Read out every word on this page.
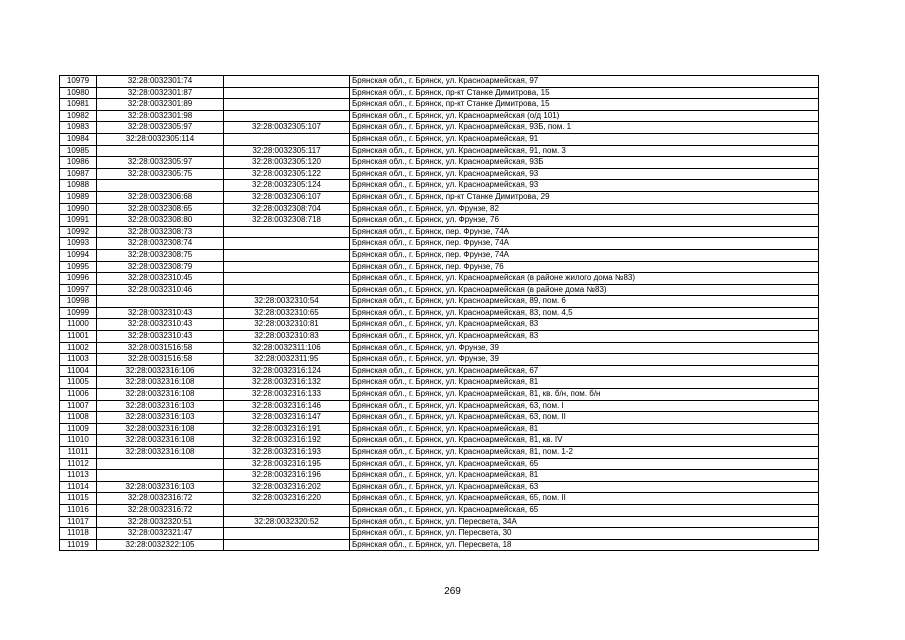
10979	32:28:0032301:74		Брянская обл., г. Брянск, ул. Красноармейская, 97
10980	32:28:0032301:87		Брянская обл., г. Брянск, пр-кт Станке Димитрова, 15
10981	32:28:0032301:89		Брянская обл., г. Брянск, пр-кт Станке Димитрова, 15
10982	32:28:0032301:98		Брянская обл., г. Брянск, ул. Красноармейская (о/д 101)
10983	32:28:0032305:97	32:28:0032305:107	Брянская обл., г. Брянск, ул. Красноармейская, 93Б, пом. 1
10984	32:28:0032305:114		Брянская обл., г. Брянск, ул. Красноармейская, 91
10985		32:28:0032305:117	Брянская обл., г. Брянск, ул. Красноармейская, 91, пом. 3
10986	32:28:0032305:97	32:28:0032305:120	Брянская обл., г. Брянск, ул. Красноармейская, 93Б
10987	32:28:0032305:75	32:28:0032305:122	Брянская обл., г. Брянск, ул. Красноармейская, 93
10988		32:28:0032305:124	Брянская обл., г. Брянск, ул. Красноармейская, 93
10989	32:28:0032306:68	32:28:0032306:107	Брянская обл., г. Брянск, пр-кт Станке Димитрова, 29
10990	32:28:0032308:65	32:28:0032308:704	Брянская обл., г. Брянск, ул. Фрунзе, 82
10991	32:28:0032308:80	32:28:0032308:718	Брянская обл., г. Брянск, ул. Фрунзе, 76
10992	32:28:0032308:73		Брянская обл., г. Брянск, пер. Фрунзе, 74А
10993	32:28:0032308:74		Брянская обл., г. Брянск, пер. Фрунзе, 74А
10994	32:28:0032308:75		Брянская обл., г. Брянск, пер. Фрунзе, 74А
10995	32:28:0032308:79		Брянская обл., г. Брянск, пер. Фрунзе, 76
10996	32:28:0032310:45		Брянская обл., г. Брянск, ул. Красноармейская (в районе жилого дома №83)
10997	32:28:0032310:46		Брянская обл., г. Брянск, ул. Красноармейская (в районе дома №83)
10998		32:28:0032310:54	Брянская обл., г. Брянск, ул. Красноармейская, 89, пом. 6
10999	32:28:0032310:43	32:28:0032310:65	Брянская обл., г. Брянск, ул. Красноармейская, 83, пом. 4,5
11000	32:28:0032310:43	32:28:0032310:81	Брянская обл., г. Брянск, ул. Красноармейская, 83
11001	32:28:0032310:43	32:28:0032310:83	Брянская обл., г. Брянск, ул. Красноармейская, 83
11002	32:28:0031516:58	32:28:0032311:106	Брянская обл., г. Брянск, ул. Фрунзе, 39
11003	32:28:0031516:58	32:28:0032311:95	Брянская обл., г. Брянск, ул. Фрунзе, 39
11004	32:28:0032316:106	32:28:0032316:124	Брянская обл., г. Брянск, ул. Красноармейская, 67
11005	32:28:0032316:108	32:28:0032316:132	Брянская обл., г. Брянск, ул. Красноармейская, 81
11006	32:28:0032316:108	32:28:0032316:133	Брянская обл., г. Брянск, ул. Красноармейская, 81, кв. б/н, пом. б/н
11007	32:28:0032316:103	32:28:0032316:146	Брянская обл., г. Брянск, ул. Красноармейская, 63, пом. I
11008	32:28:0032316:103	32:28:0032316:147	Брянская обл., г. Брянск, ул. Красноармейская, 63, пом. II
11009	32:28:0032316:108	32:28:0032316:191	Брянская обл., г. Брянск, ул. Красноармейская, 81
11010	32:28:0032316:108	32:28:0032316:192	Брянская обл., г. Брянск, ул. Красноармейская, 81, кв. IV
11011	32:28:0032316:108	32:28:0032316:193	Брянская обл., г. Брянск, ул. Красноармейская, 81, пом. 1-2
11012		32:28:0032316:195	Брянская обл., г. Брянск, ул. Красноармейская, 65
11013		32:28:0032316:196	Брянская обл., г. Брянск, ул. Красноармейская, 81
11014	32:28:0032316:103	32:28:0032316:202	Брянская обл., г. Брянск, ул. Красноармейская, 63
11015	32:28:0032316:72	32:28:0032316:220	Брянская обл., г. Брянск, ул. Красноармейская, 65, пом. II
11016	32:28:0032316:72		Брянская обл., г. Брянск, ул. Красноармейская, 65
11017	32:28:0032320:51	32:28:0032320:52	Брянская обл., г. Брянск, ул. Пересвета, 34А
11018	32:28:0032321:47		Брянская обл., г. Брянск, ул. Пересвета, 30
11019	32:28:0032322:105		Брянская обл., г. Брянск, ул. Пересвета, 18
269
